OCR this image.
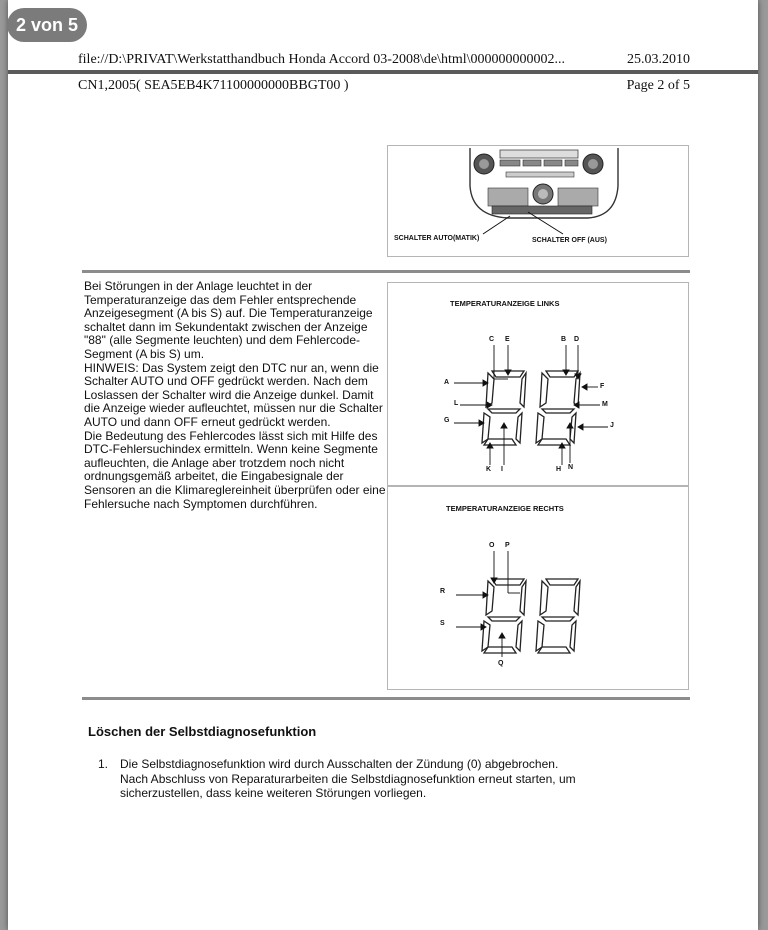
2 von 5
file://D:\PRIVAT\Werkstatthandbuch Honda Accord 03-2008\de\html\000000000002...	25.03.2010
CN1,2005( SEA5EB4K71100000000BBGT00 )	Page 2 of 5
SCHALTER AUTO(MATIK)	SCHALTER OFF (AUS)

Bei Störungen in der Anlage leuchtet in der Temperaturanzeige das dem Fehler entsprechende Anzeigesegment (A bis S) auf. Die Temperaturanzeige schaltet dann im Sekundentakt zwischen der Anzeige "88" (alle Segmente leuchten) und dem Fehlercode-Segment (A bis S) um.

HINWEIS: Das System zeigt den DTC nur an, wenn die Schalter AUTO und OFF gedrückt werden. Nach dem Loslassen der Schalter wird die Anzeige dunkel. Damit die Anzeige wieder aufleuchtet, müssen nur die Schalter AUTO und dann OFF erneut gedrückt werden.

Die Bedeutung des Fehlercodes lässt sich mit Hilfe des DTC-Fehlersuchindex ermitteln. Wenn keine Segmente aufleuchten, die Anlage aber trotzdem noch nicht ordnungsgemäß arbeitet, die Eingabesignale der Sensoren an die Klimareglereinheit überprüfen oder eine Fehlersuche nach Symptomen durchführen.

TEMPERATURANZEIGE LINKS
C E	B D
A
L
G
F
M
J
K I	H N
TEMPERATURANZEIGE RECHTS
O P
R
S
Q
Löschen der Selbstdiagnosefunktion
1. Die Selbstdiagnosefunktion wird durch Ausschalten der Zündung (0) abgebrochen. Nach Abschluss von Reparaturarbeiten die Selbstdiagnosefunktion erneut starten, um sicherzustellen, dass keine weiteren Störungen vorliegen.
